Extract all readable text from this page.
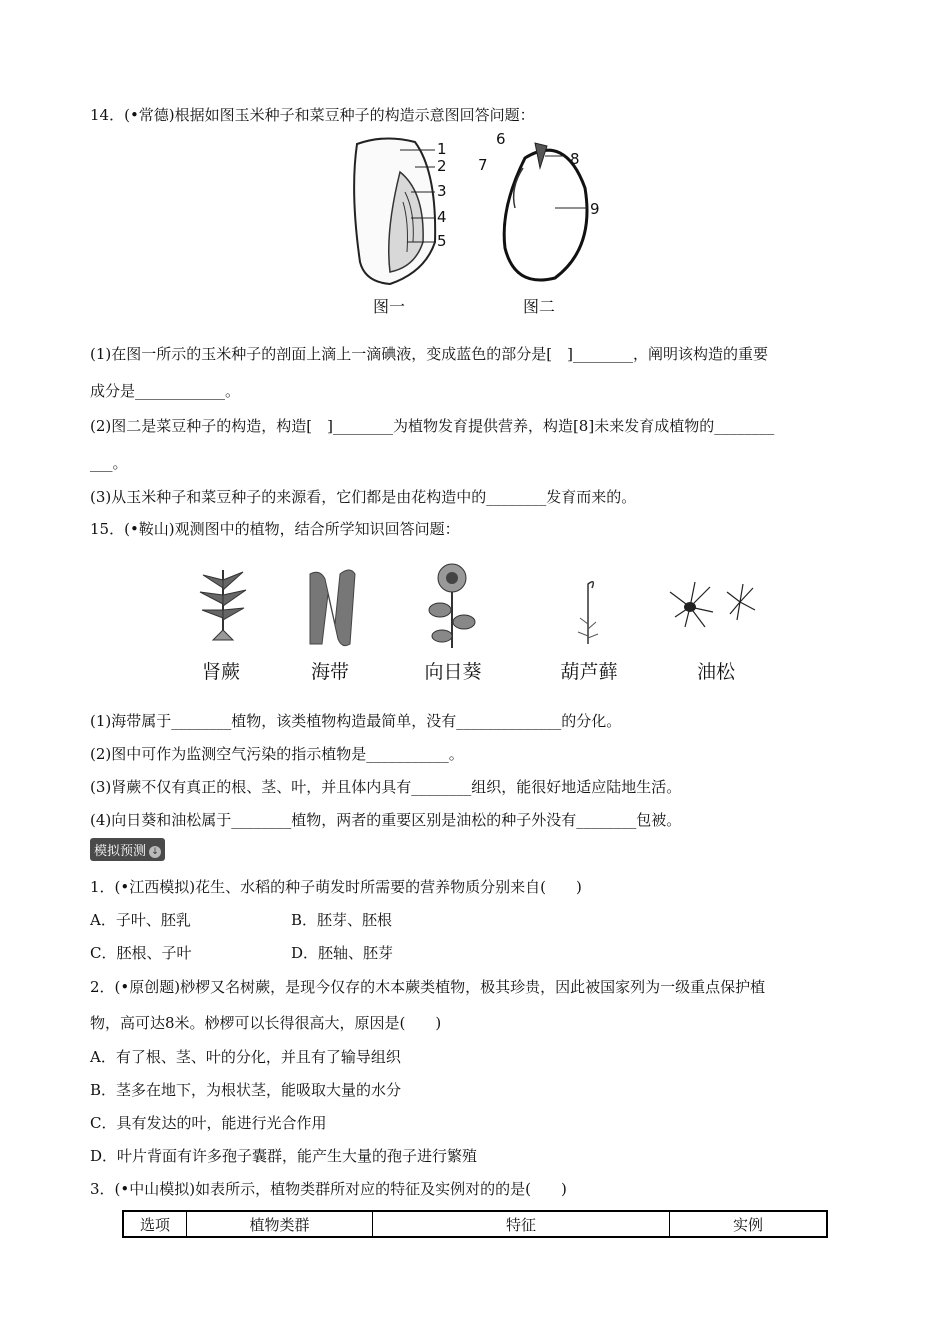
14．(•常德)根据如图玉米种子和菜豆种子的构造示意图回答问题：
1
2
3
4
5
6
7	8
9
图一	图二
(1)在图一所示的玉米种子的剖面上滴上一滴碘液，变成蓝色的部分是[　]________，阐明该构造的重要
成分是____________。
(2)图二是菜豆种子的构造，构造[　]________为植物发育提供营养，构造[8]未来发育成植物的________
___。
(3)从玉米种子和菜豆种子的来源看，它们都是由花构造中的________发育而来的。
15．(•鞍山)观测图中的植物，结合所学知识回答问题：
肾蕨	海带	向日葵	葫芦藓	油松
(1)海带属于________植物，该类植物构造最简单，没有______________的分化。
(2)图中可作为监测空气污染的指示植物是___________。
(3)肾蕨不仅有真正的根、茎、叶，并且体内具有________组织，能很好地适应陆地生活。
(4)向日葵和油松属于________植物，两者的重要区别是油松的种子外没有________包被。
模拟预测 ↓
1．(•江西模拟)花生、水稻的种子萌发时所需要的营养物质分别来自(　　)
A．子叶、胚乳	B．胚芽、胚根
C．胚根、子叶	D．胚轴、胚芽
2．(•原创题)桫椤又名树蕨，是现今仅存的木本蕨类植物，极其珍贵，因此被国家列为一级重点保护植
物，高可达8米。桫椤可以长得很高大，原因是(　　)
A．有了根、茎、叶的分化，并且有了输导组织
B．茎多在地下，为根状茎，能吸取大量的水分
C．具有发达的叶，能进行光合作用
D．叶片背面有许多孢子囊群，能产生大量的孢子进行繁殖
3．(•中山模拟)如表所示，植物类群所对应的特征及实例对的的是(　　)
选项	植物类群	特征	实例
